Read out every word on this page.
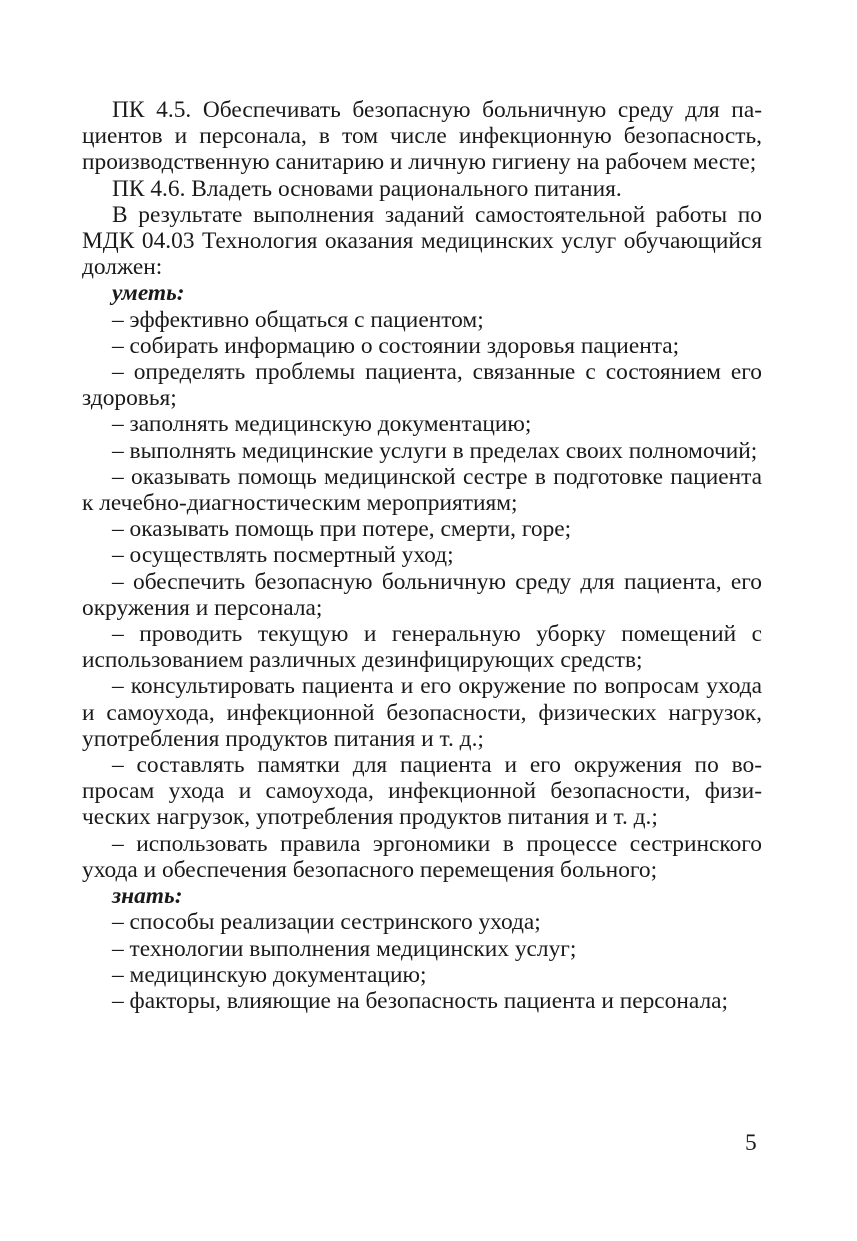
ПК 4.5. Обеспечивать безопасную больничную среду для пациентов и персонала, в том числе инфекционную безопасность, производственную санитарию и личную гигиену на рабочем месте;

ПК 4.6. Владеть основами рационального питания.

В результате выполнения заданий самостоятельной работы по МДК 04.03 Технология оказания медицинских услуг обучающийся должен:

уметь:

– эффективно общаться с пациентом;

– собирать информацию о состоянии здоровья пациента;

– определять проблемы пациента, связанные с состоянием его здоровья;

– заполнять медицинскую документацию;

– выполнять медицинские услуги в пределах своих полномочий;

– оказывать помощь медицинской сестре в подготовке пациента к лечебно-диагностическим мероприятиям;

– оказывать помощь при потере, смерти, горе;

– осуществлять посмертный уход;

– обеспечить безопасную больничную среду для пациента, его окружения и персонала;

– проводить текущую и генеральную уборку помещений с использованием различных дезинфицирующих средств;

– консультировать пациента и его окружение по вопросам ухода и самоухода, инфекционной безопасности, физических нагрузок, употребления продуктов питания и т. д.;

– составлять памятки для пациента и его окружения по вопросам ухода и самоухода, инфекционной безопасности, физических нагрузок, употребления продуктов питания и т. д.;

– использовать правила эргономики в процессе сестринского ухода и обеспечения безопасного перемещения больного;

знать:

– способы реализации сестринского ухода;

– технологии выполнения медицинских услуг;

– медицинскую документацию;

– факторы, влияющие на безопасность пациента и персонала;

5
